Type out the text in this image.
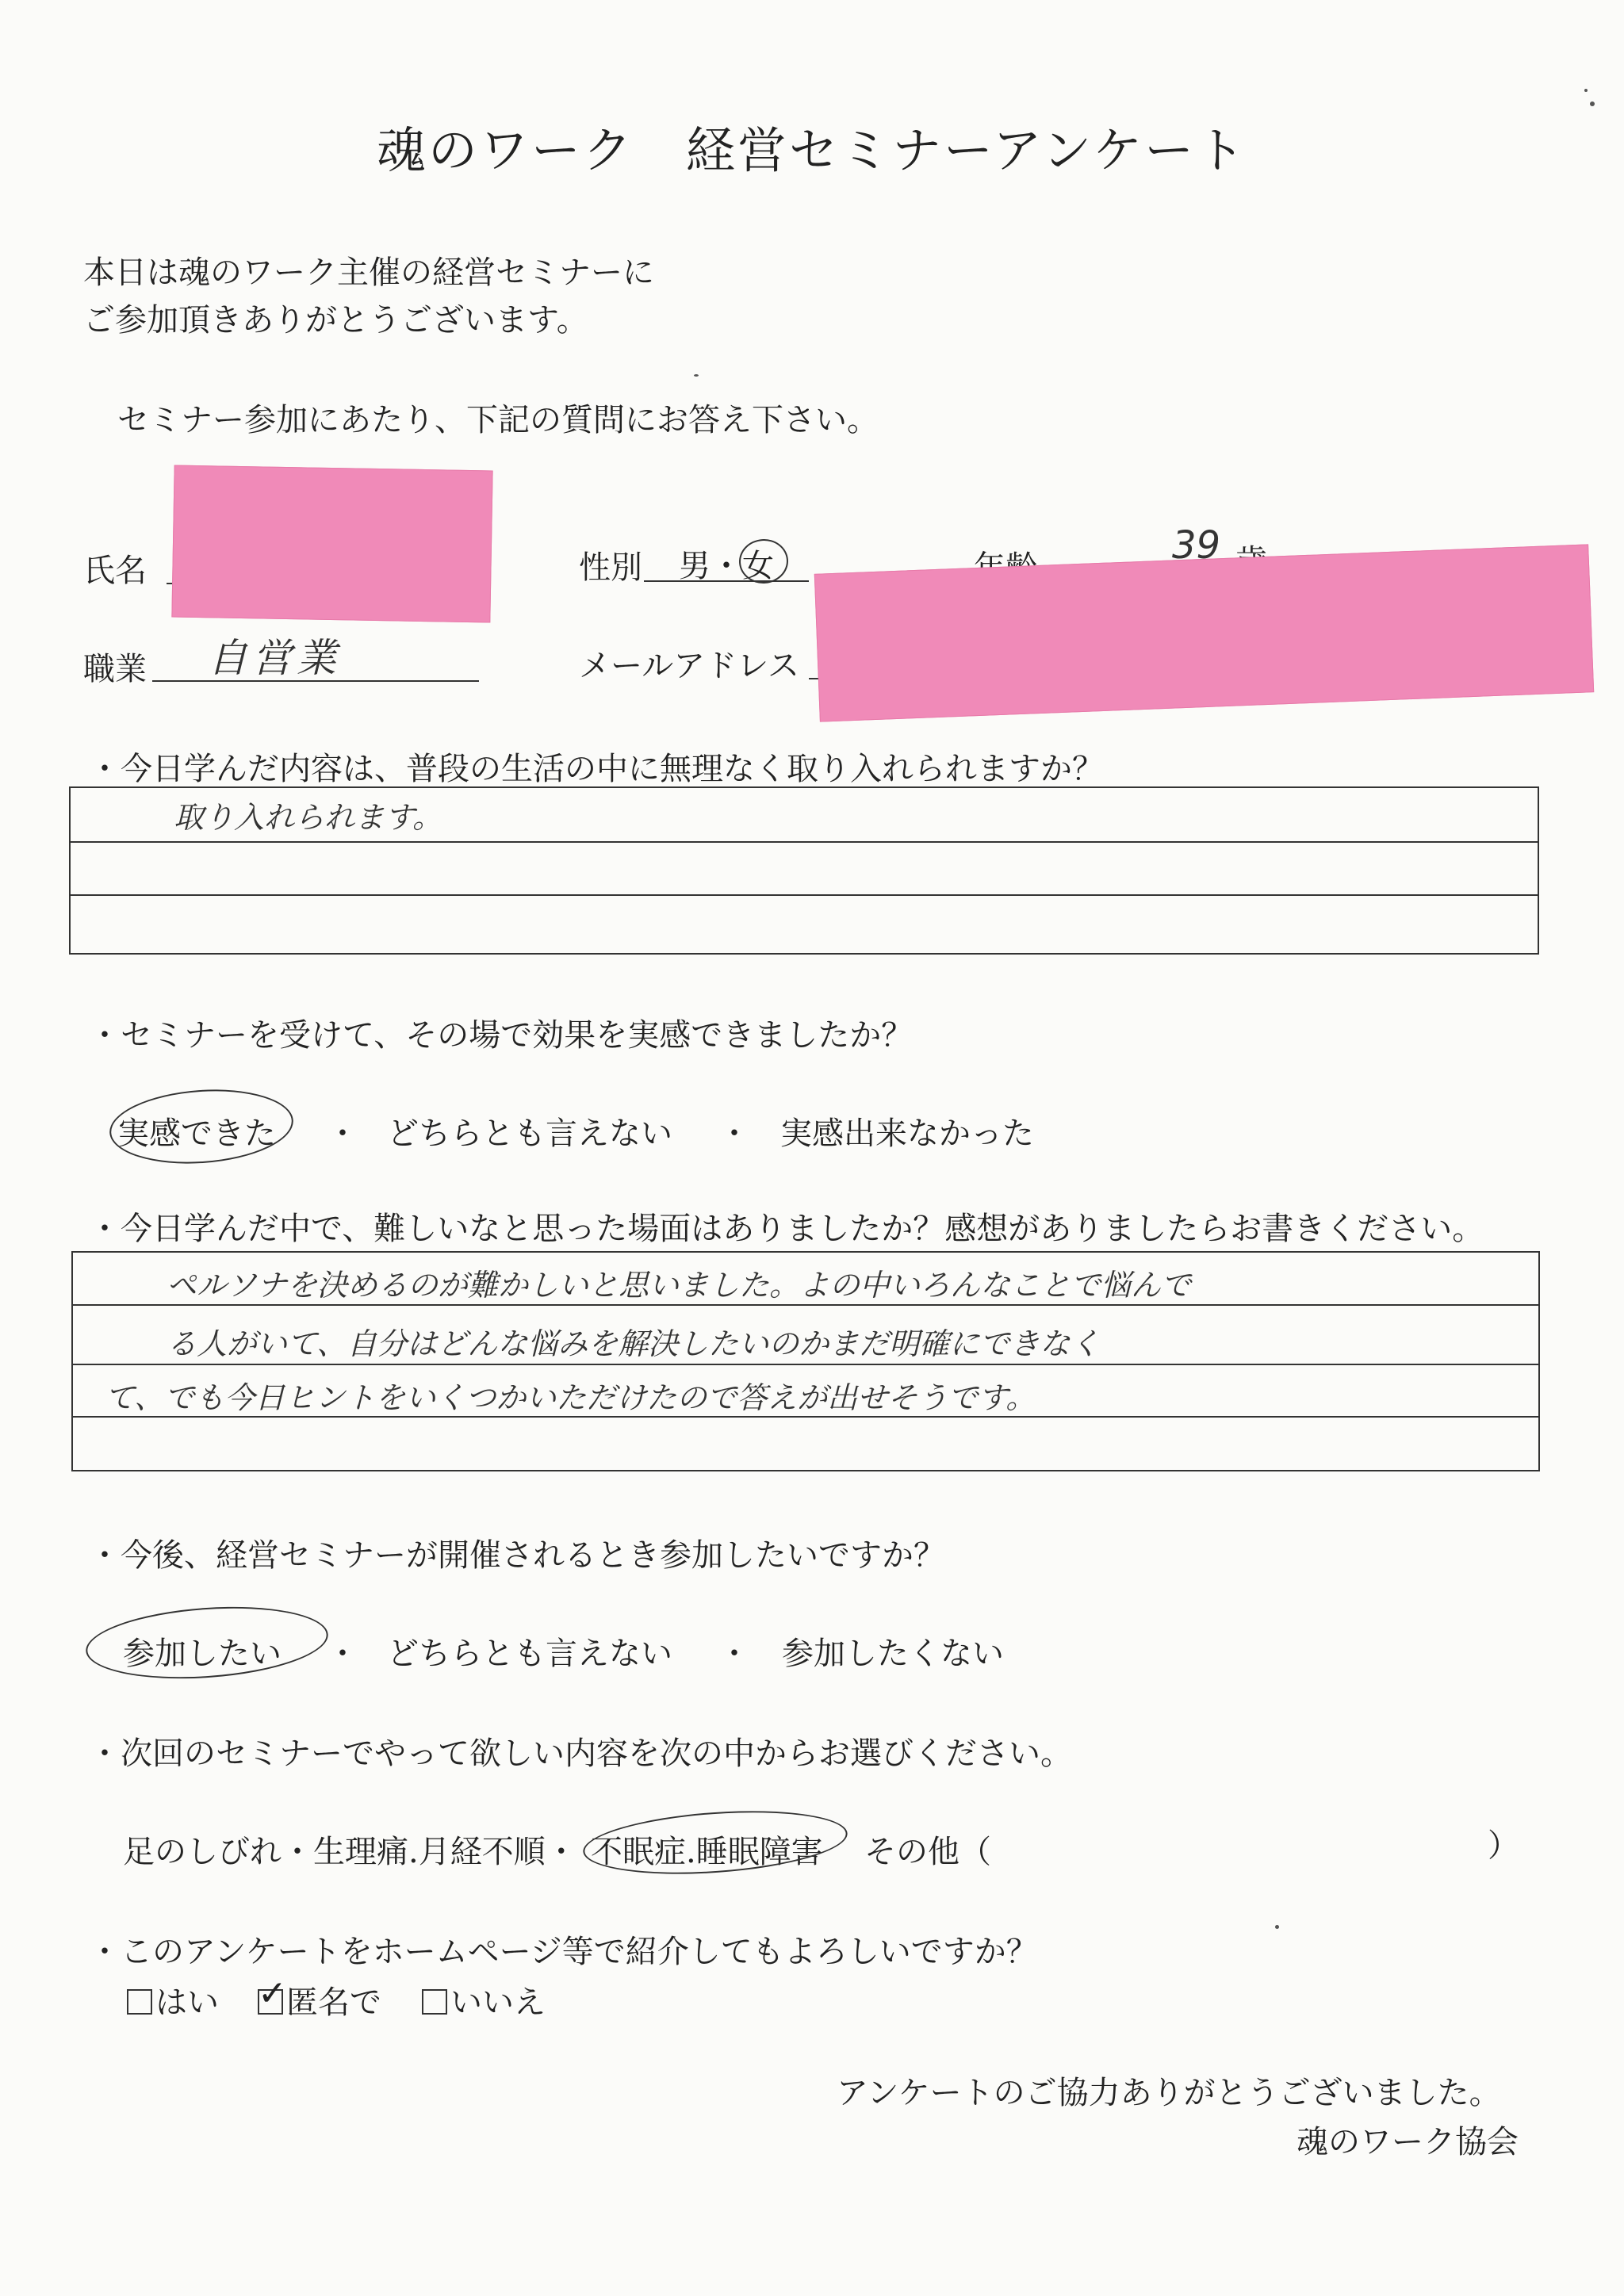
魂のワーク　経営セミナーアンケート
本日は魂のワーク主催の経営セミナーに
ご参加頂きありがとうございます。
セミナー参加にあたり、下記の質問にお答え下さい。
氏名	性別 男・女	39
職業 自営業	メールアドレス
・今日学んだ内容は、普段の生活の中に無理なく取り入れられますか？
取り入れられます。
・セミナーを受けて、その場で効果を実感できましたか？
実感できた ・ どちらとも言えない ・ 実感出来なかった
・今日学んだ中で、難しいなと思った場面はありましたか？感想がありましたらお書きください。
ペルソナを決めるのが難かしいと思いました。よの中いろんなことで悩んで
る人がいて、自分はどんな悩みを解決したいのかまだ明確にできなく
て、でも今日ヒントをいくつかいただけたので答えが出せそうです。
・今後、経営セミナーが開催されるとき参加したいですか？
参加したい ・ どちらとも言えない ・ 参加したくない
・次回のセミナーでやって欲しい内容を次の中からお選びください。
足のしびれ・生理痛.月経不順・ 不眠症.睡眠障害 その他（	）
・このアンケートをホームページ等で紹介してもよろしいですか？
はい ✓ 匿名で	いいえ
アンケートのご協力ありがとうございました。
魂のワーク協会
